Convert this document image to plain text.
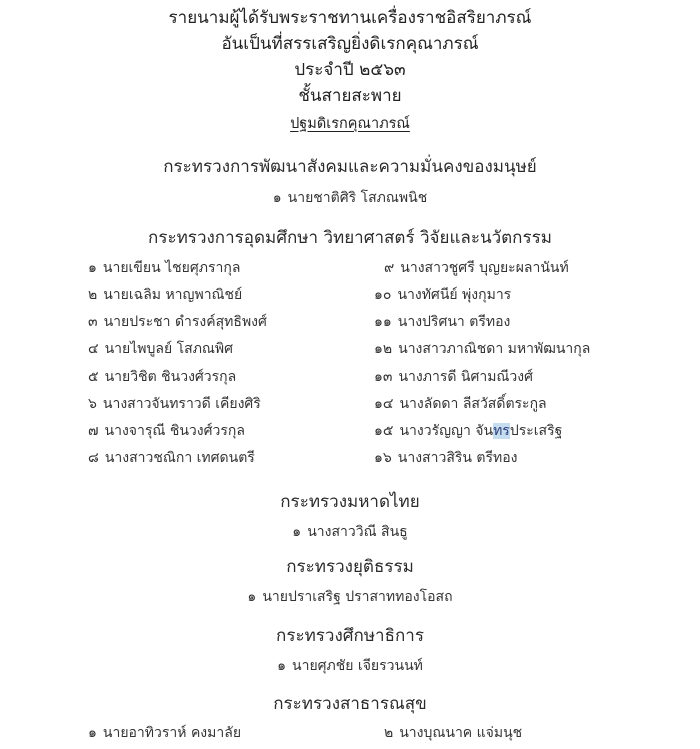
รายนามผู้ได้รับพระราชทานเครื่องราชอิสริยาภรณ์
อันเป็นที่สรรเสริญยิ่งดิเรกคุณาภรณ์
ประจำปี ๒๕๖๓
ชั้นสายสะพาย
ปฐมดิเรกคุณาภรณ์
กระทรวงการพัฒนาสังคมและความมั่นคงของมนุษย์
๑ นายชาติศิริ โสภณพนิช
กระทรวงการอุดมศึกษา วิทยาศาสตร์ วิจัยและนวัตกรรม
๑ นายเขียน ไชยศุภรากุล
๒ นายเฉลิม หาญพาณิชย์
๓ นายประชา ดำรงค์สุทธิพงศ์
๔ นายไพบูลย์ โสภณพิศ
๕ นายวิชิต ชินวงศ์วรกุล
๖ นางสาวจันทราวดี เคียงศิริ
๗ นางจารุณี ชินวงศ์วรกุล
๘ นางสาวชณิกา เทศดนตรี
๙ นางสาวชูศรี บุญยะผลานันท์
๑๐ นางทัศนีย์ พุ่งกุมาร
๑๑ นางปริศนา ตรีทอง
๑๒ นางสาวภาณิชดา มหาพัฒนากุล
๑๓ นางภารดี นิศามณีวงศ์
๑๔ นางลัดดา ลีสวัสดิ์ตระกูล
๑๕ นางวรัญญา จันทรประเสริฐ
๑๖ นางสาวสิริน ตรีทอง
กระทรวงมหาดไทย
๑ นางสาววิณี สินธู
กระทรวงยุติธรรม
๑ นายปราเสริฐ ปราสาททองโอสถ
กระทรวงศึกษาธิการ
๑ นายศุภชัย เจียรวนนท์
กระทรวงสาธารณสุข
๑ นายอาทิวราห์ คงมาลัย	๒ นางบุณนาค แจ่มนุช
